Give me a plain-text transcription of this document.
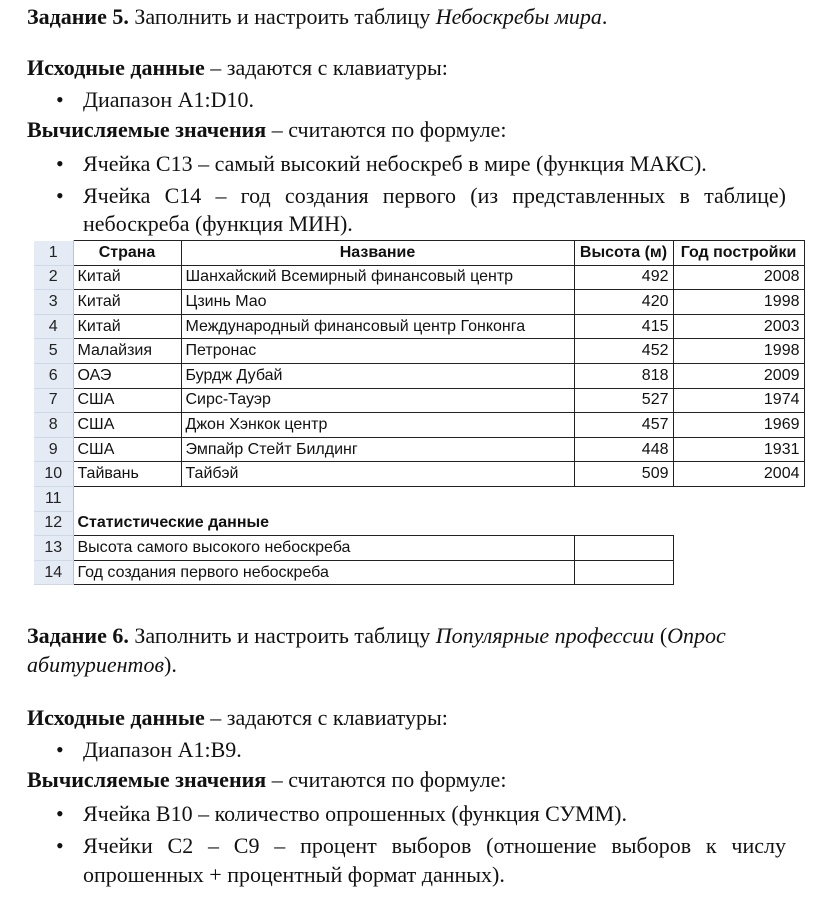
Задание 5. Заполнить и настроить таблицу Небоскребы мира.
Исходные данные – задаются с клавиатуры:
• Диапазон А1:D10.
Вычисляемые значения – считаются по формуле:
• Ячейка С13 – самый высокий небоскреб в мире (функция МАКС).
• Ячейка С14 – год создания первого (из представленных в таблице)
небоскреба (функция МИН).
1	Страна	Название	Высота (м)	Год постройки
2	Китай	Шанхайский Всемирный финансовый центр	492	2008
3	Китай	Цзинь Мао	420	1998
4	Китай	Международный финансовый центр Гонконга	415	2003
5	Малайзия	Петронас	452	1998
6	ОАЭ	Бурдж Дубай	818	2009
7	США	Сирс-Тауэр	527	1974
8	США	Джон Хэнкок центр	457	1969
9	США	Эмпайр Стейт Билдинг	448	1931
10	Тайвань	Тайбэй	509	2004
11				
12	Статистические данные			
13	Высота самого высокого небоскреба			
14	Год создания первого небоскреба			
Задание 6. Заполнить и настроить таблицу Популярные профессии (Опрос
абитуриентов).
Исходные данные – задаются с клавиатуры:
• Диапазон А1:В9.
Вычисляемые значения – считаются по формуле:
• Ячейка В10 – количество опрошенных (функция СУММ).
• Ячейки С2 – С9 – процент выборов (отношение выборов к числу
опрошенных + процентный формат данных).
